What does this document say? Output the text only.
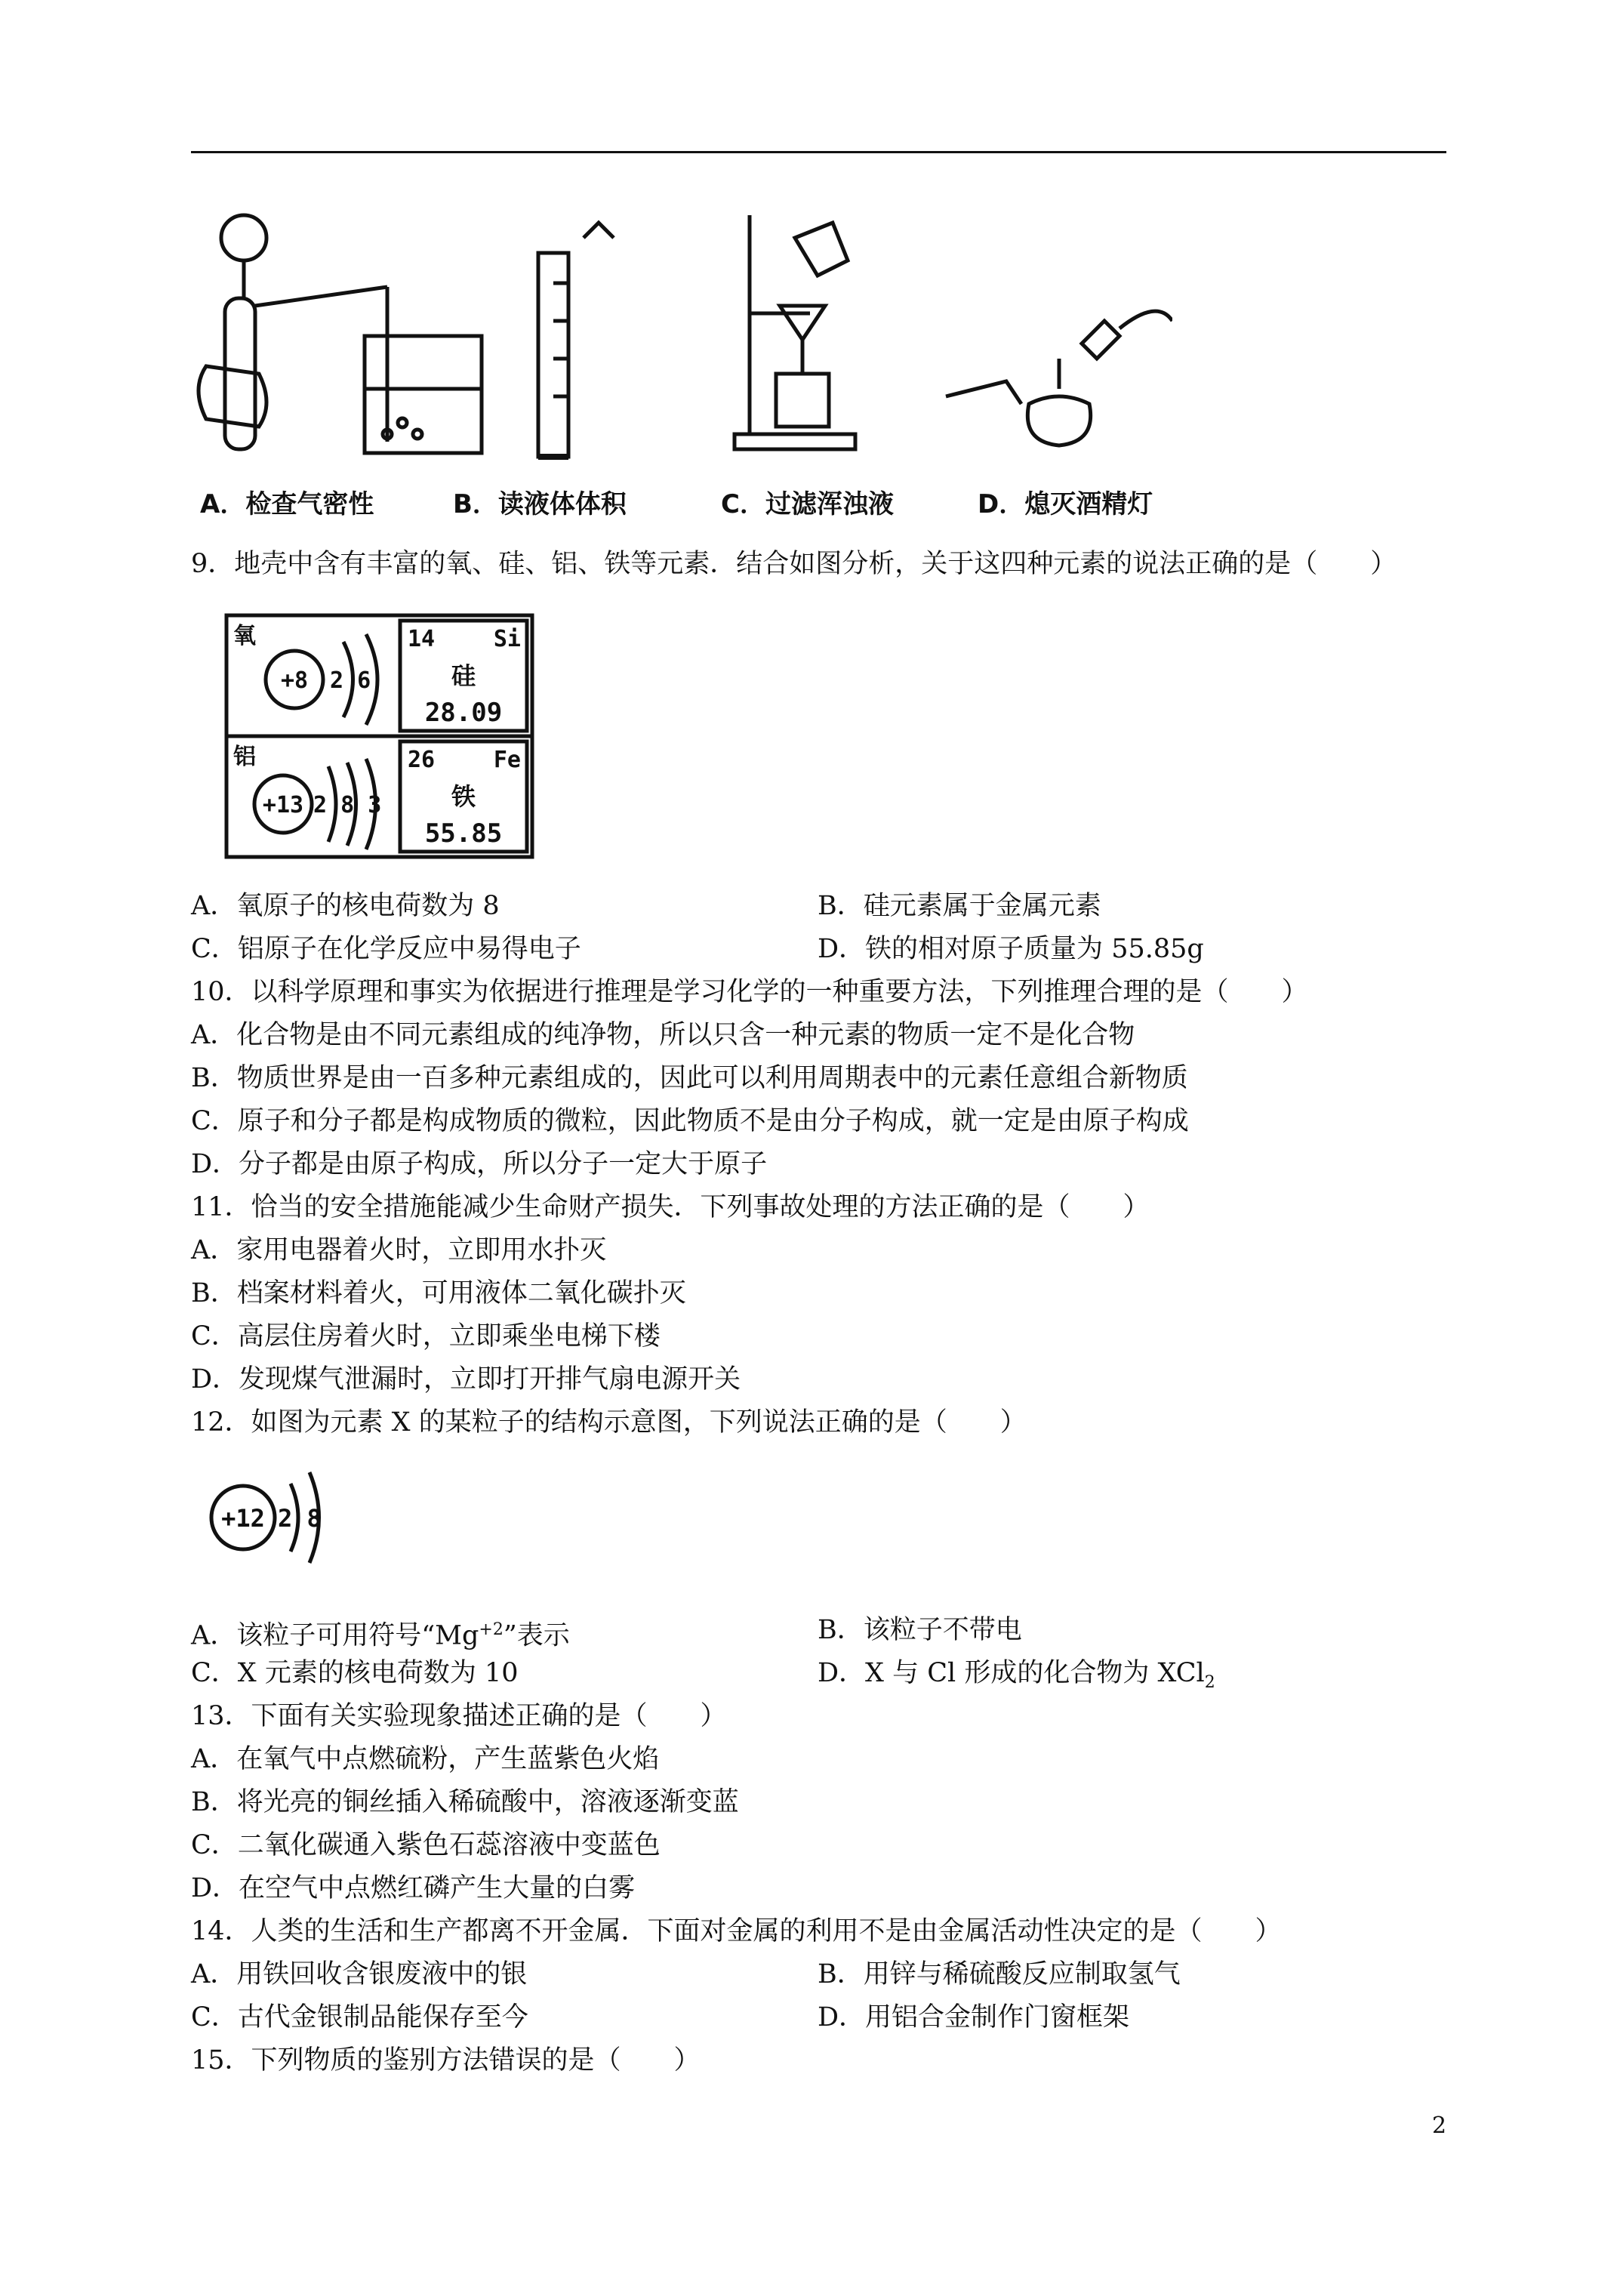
A．检查气密性	B．读液体体积	C．过滤浑浊液	D．熄灭酒精灯
9．地壳中含有丰富的氧、硅、铝、铁等元素．结合如图分析，关于这四种元素的说法正确的是（　　）
氧
+8 2 6
铝
+13 2 8 3
14	Si
硅
28.09
26	Fe
铁
55.85
A．氧原子的核电荷数为 8	B．硅元素属于金属元素
C．铝原子在化学反应中易得电子	D．铁的相对原子质量为 55.85g
10．以科学原理和事实为依据进行推理是学习化学的一种重要方法，下列推理合理的是（　　）
A．化合物是由不同元素组成的纯净物，所以只含一种元素的物质一定不是化合物
B．物质世界是由一百多种元素组成的，因此可以利用周期表中的元素任意组合新物质
C．原子和分子都是构成物质的微粒，因此物质不是由分子构成，就一定是由原子构成
D．分子都是由原子构成，所以分子一定大于原子
11．恰当的安全措施能减少生命财产损失．下列事故处理的方法正确的是（　　）
A．家用电器着火时，立即用水扑灭
B．档案材料着火，可用液体二氧化碳扑灭
C．高层住房着火时，立即乘坐电梯下楼
D．发现煤气泄漏时，立即打开排气扇电源开关
12．如图为元素 X 的某粒子的结构示意图，下列说法正确的是（　　）
+12 2 8
A．该粒子可用符号“$Mg^{+2}$”表示	B．该粒子不带电
C．X 元素的核电荷数为 10	D．X 与 Cl 形成的化合物为 XCl$_2$
13．下面有关实验现象描述正确的是（　　）
A．在氧气中点燃硫粉，产生蓝紫色火焰
B．将光亮的铜丝插入稀硫酸中，溶液逐渐变蓝
C．二氧化碳通入紫色石蕊溶液中变蓝色
D．在空气中点燃红磷产生大量的白雾
14．人类的生活和生产都离不开金属．下面对金属的利用不是由金属活动性决定的是（　　）
A．用铁回收含银废液中的银	B．用锌与稀硫酸反应制取氢气
C．古代金银制品能保存至今	D．用铝合金制作门窗框架
15．下列物质的鉴别方法错误的是（　　）
2
